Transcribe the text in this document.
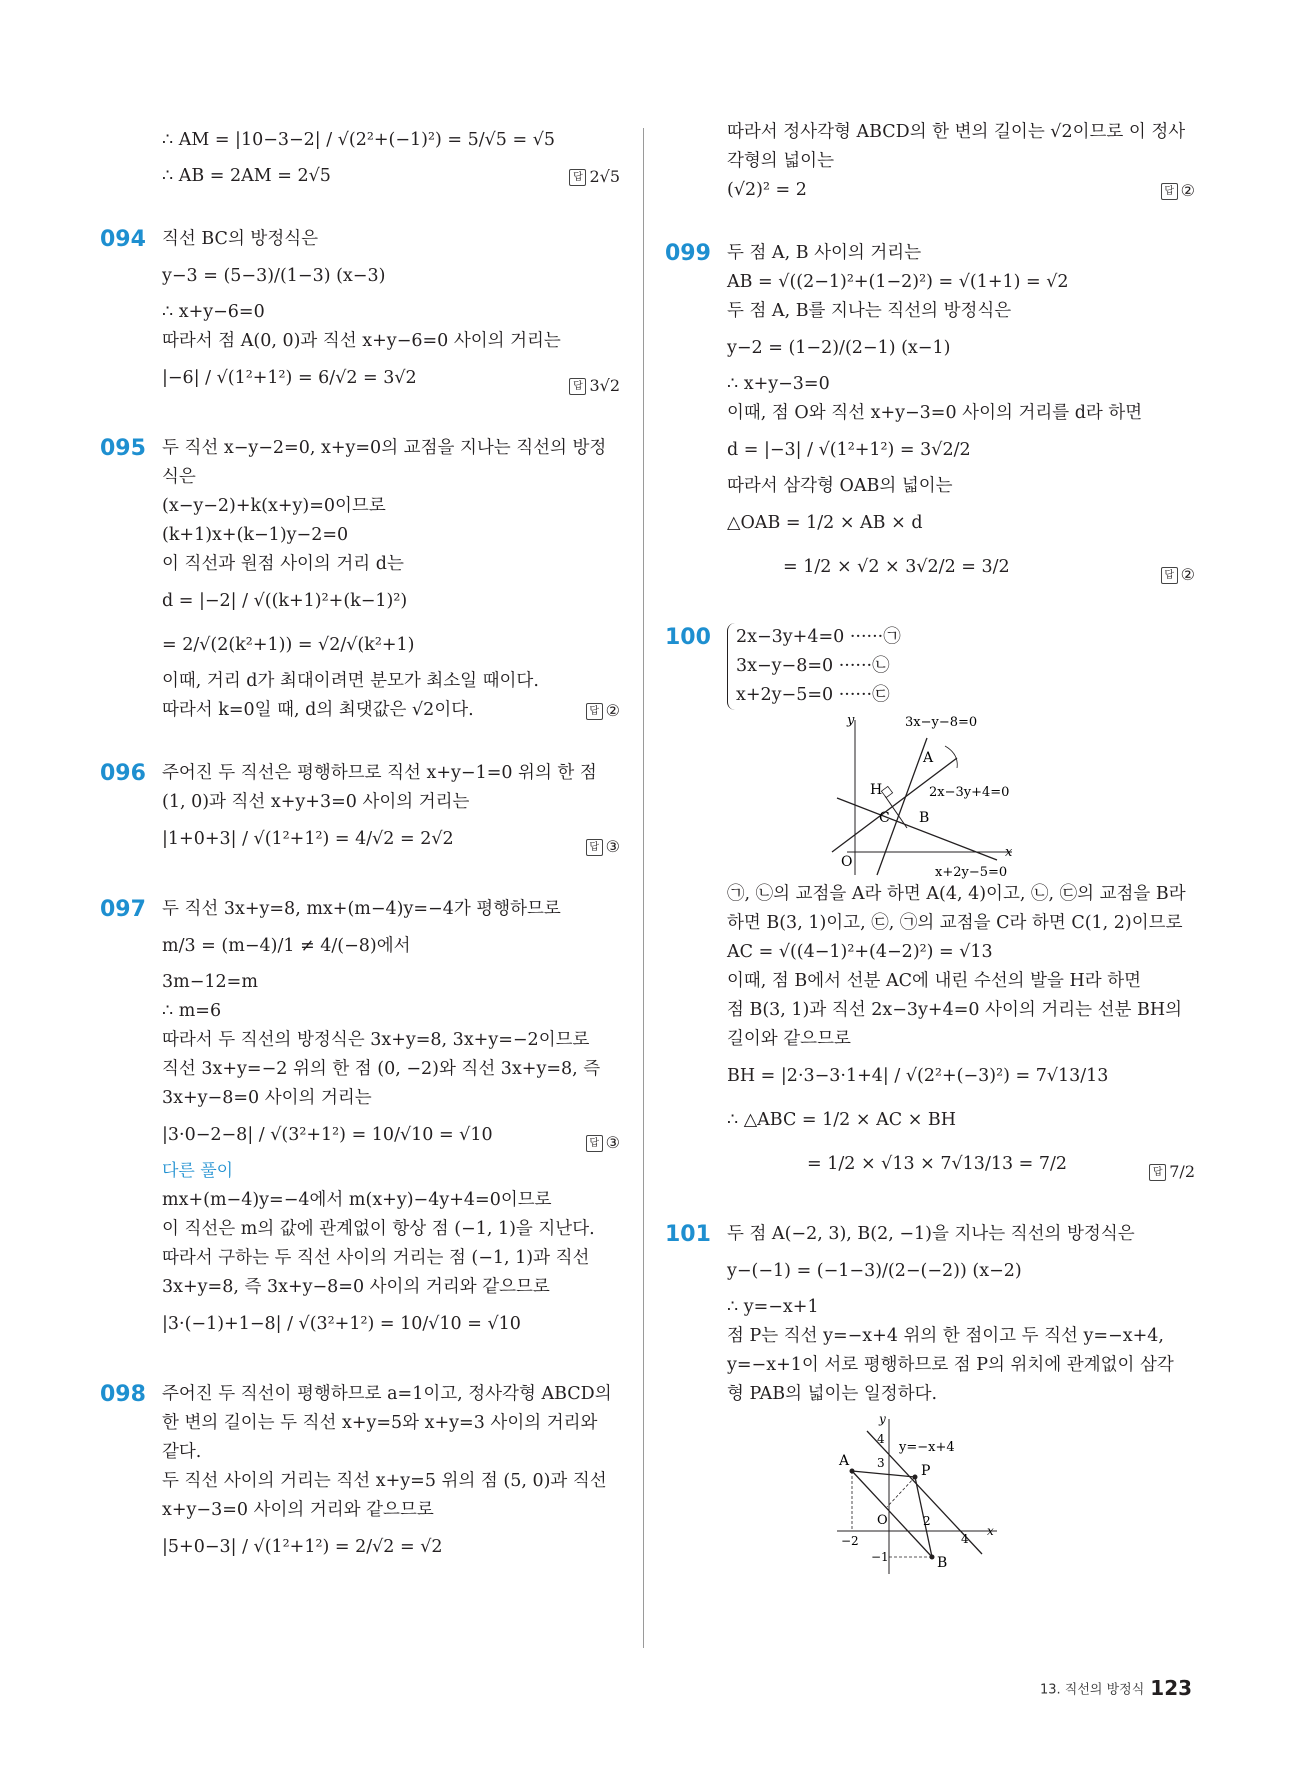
∴ AM = |10−3−2| / √(2²+(−1)²) = 5/√5 = √5
∴ AB = 2AM = 2√5	답 2√5
094 직선 BC의 방정식은
y−3 = (5−3)/(1−3) (x−3)
∴ x+y−6=0
따라서 점 A(0, 0)과 직선 x+y−6=0 사이의 거리는
|−6| / √(1²+1²) = 6/√2 = 3√2	답 3√2
095 두 직선 x−y−2=0, x+y=0의 교점을 지나는 직선의 방정
식은
(x−y−2)+k(x+y)=0이므로
(k+1)x+(k−1)y−2=0
이 직선과 원점 사이의 거리 d는
d = |−2| / √((k+1)²+(k−1)²)
= 2/√(2(k²+1)) = √2/√(k²+1)
이때, 거리 d가 최대이려면 분모가 최소일 때이다.
따라서 k=0일 때, d의 최댓값은 √2이다.	답 ②
096 주어진 두 직선은 평행하므로 직선 x+y−1=0 위의 한 점
(1, 0)과 직선 x+y+3=0 사이의 거리는
|1+0+3| / √(1²+1²) = 4/√2 = 2√2	답 ③
097 두 직선 3x+y=8, mx+(m−4)y=−4가 평행하므로
m/3 = (m−4)/1 ≠ 4/(−8)에서
3m−12=m
∴ m=6
따라서 두 직선의 방정식은 3x+y=8, 3x+y=−2이므로
직선 3x+y=−2 위의 한 점 (0, −2)와 직선 3x+y=8, 즉
3x+y−8=0 사이의 거리는
|3·0−2−8| / √(3²+1²) = 10/√10 = √10	답 ③
다른 풀이
mx+(m−4)y=−4에서 m(x+y)−4y+4=0이므로
이 직선은 m의 값에 관계없이 항상 점 (−1, 1)을 지난다.
따라서 구하는 두 직선 사이의 거리는 점 (−1, 1)과 직선
3x+y=8, 즉 3x+y−8=0 사이의 거리와 같으므로
|3·(−1)+1−8| / √(3²+1²) = 10/√10 = √10
098 주어진 두 직선이 평행하므로 a=1이고, 정사각형 ABCD의
한 변의 길이는 두 직선 x+y=5와 x+y=3 사이의 거리와
같다.
두 직선 사이의 거리는 직선 x+y=5 위의 점 (5, 0)과 직선
x+y−3=0 사이의 거리와 같으므로
|5+0−3| / √(1²+1²) = 2/√2 = √2
따라서 정사각형 ABCD의 한 변의 길이는 √2이므로 이 정사
각형의 넓이는
(√2)² = 2	답 ②
099 두 점 A, B 사이의 거리는
AB = √((2−1)²+(1−2)²) = √(1+1) = √2
두 점 A, B를 지나는 직선의 방정식은
y−2 = (1−2)/(2−1) (x−1)
∴ x+y−3=0
이때, 점 O와 직선 x+y−3=0 사이의 거리를 d라 하면
d = |−3| / √(1²+1²) = 3√2/2
따라서 삼각형 OAB의 넓이는
△OAB = 1/2 × AB × d
= 1/2 × √2 × 3√2/2 = 3/2	답 ②
100 2x−3y+4=0 ······㉠
3x−y−8=0 ······㉡
x+2y−5=0 ······㉢
y
x
O
3x−y−8=0
2x−3y+4=0
x+2y−5=0
A
B
C
H
㉠, ㉡의 교점을 A라 하면 A(4, 4)이고, ㉡, ㉢의 교점을 B라
하면 B(3, 1)이고, ㉢, ㉠의 교점을 C라 하면 C(1, 2)이므로
AC = √((4−1)²+(4−2)²) = √13
이때, 점 B에서 선분 AC에 내린 수선의 발을 H라 하면
점 B(3, 1)과 직선 2x−3y+4=0 사이의 거리는 선분 BH의
길이와 같으므로
BH = |2·3−3·1+4| / √(2²+(−3)²) = 7√13/13
∴ △ABC = 1/2 × AC × BH
= 1/2 × √13 × 7√13/13 = 7/2	답 7/2
101 두 점 A(−2, 3), B(2, −1)을 지나는 직선의 방정식은
y−(−1) = (−1−3)/(2−(−2)) (x−2)
∴ y=−x+1
점 P는 직선 y=−x+4 위의 한 점이고 두 직선 y=−x+4,
y=−x+1이 서로 평행하므로 점 P의 위치에 관계없이 삼각
형 PAB의 넓이는 일정하다.
y
x
O
y=−x+4
A
B
P
4
3
2
−2
−1
4
13. 직선의 방정식 123
